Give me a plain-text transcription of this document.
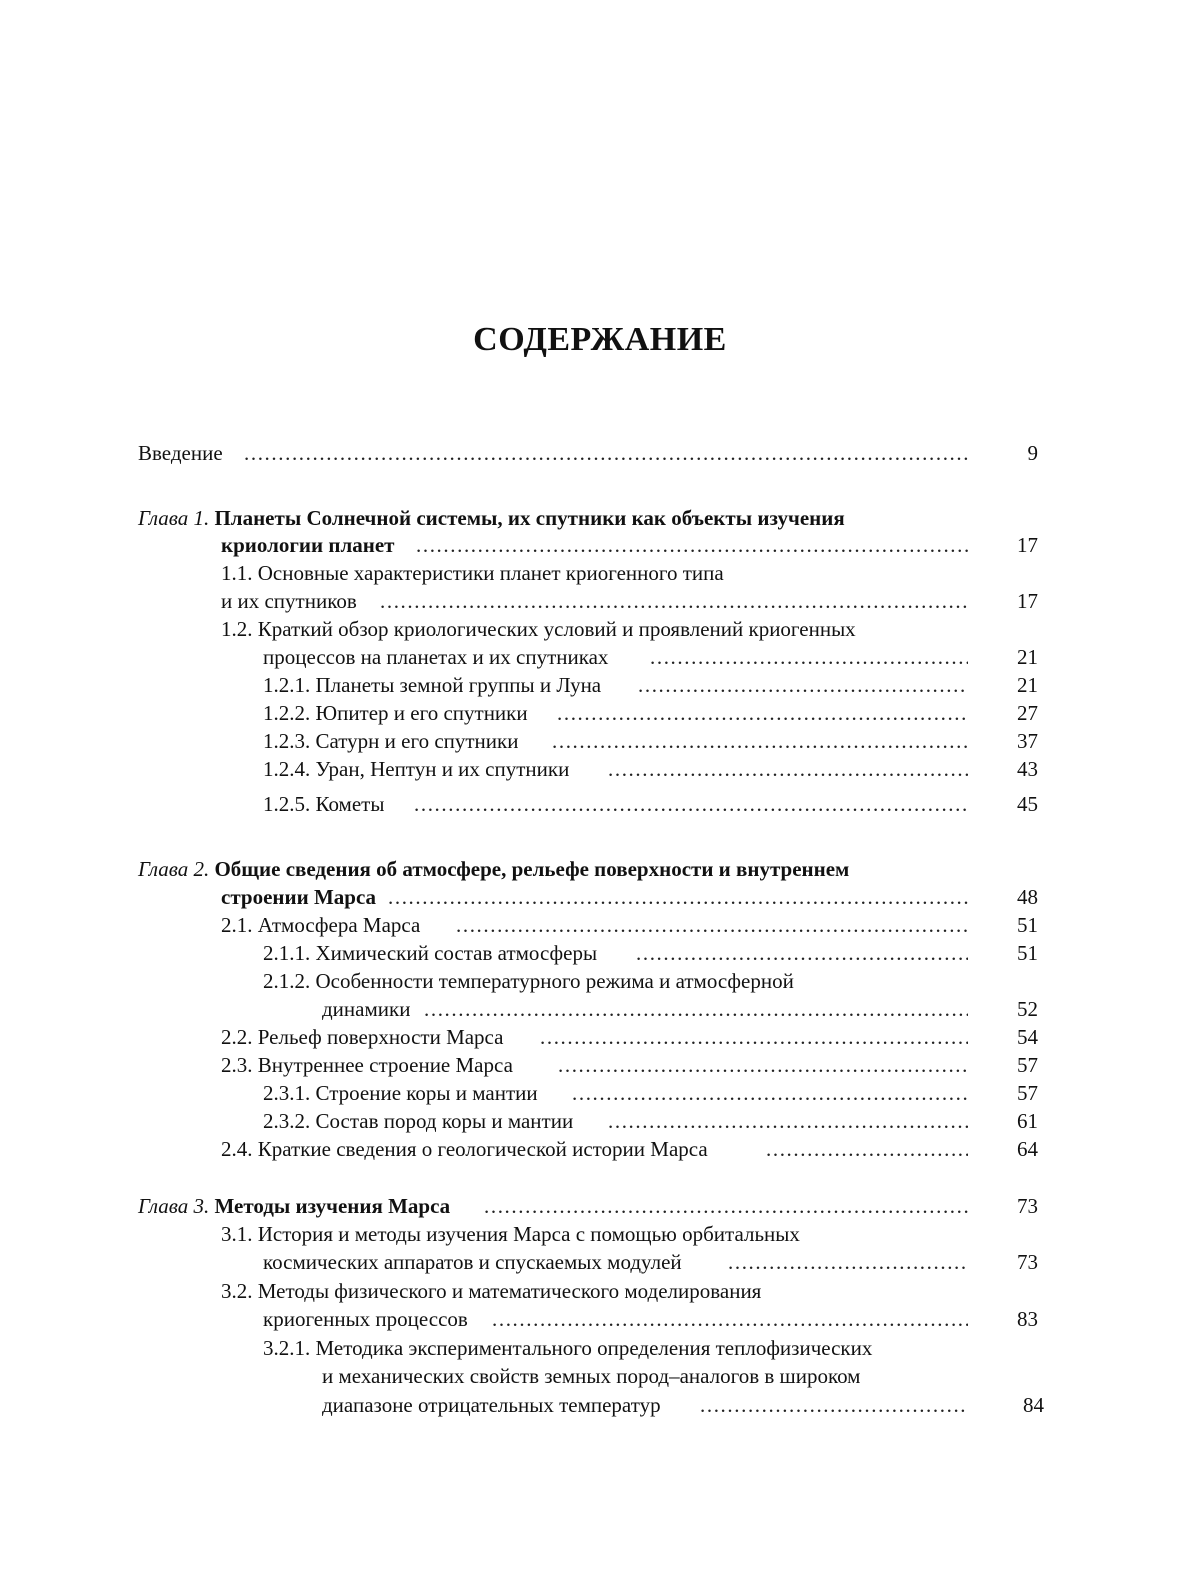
СОДЕРЖАНИЕ
Введение .....	9
Глава 1. Планеты Солнечной системы, их спутники как объекты изучения
криологии планет .....	17
1.1. Основные характеристики планет криогенного типа
и их спутников .....	17
1.2. Краткий обзор криологических условий и проявлений криогенных
процессов на планетах и их спутниках .....	21
1.2.1. Планеты земной группы и Луна .....	21
1.2.2. Юпитер и его спутники .....	27
1.2.3. Сатурн и его спутники .....	37
1.2.4. Уран, Нептун и их спутники .....	43
1.2.5. Кометы .....	45
Глава 2. Общие сведения об атмосфере, рельефе поверхности и внутреннем
строении Марса .....	48
2.1. Атмосфера Марса .....	51
2.1.1. Химический состав атмосферы .....	51
2.1.2. Особенности температурного режима и атмосферной
динамики .....	52
2.2. Рельеф поверхности Марса .....	54
2.3. Внутреннее строение Марса .....	57
2.3.1. Строение коры и мантии .....	57
2.3.2. Состав пород коры и мантии .....	61
2.4. Краткие сведения о геологической истории Марса .....	64
Глава 3. Методы изучения Марса .....	73
3.1. История и методы изучения Марса с помощью орбитальных
космических аппаратов и спускаемых модулей .....	73
3.2. Методы физического и математического моделирования
криогенных процессов .....	83
3.2.1. Методика экспериментального определения теплофизических
и механических свойств земных пород–аналогов в широком
диапазоне отрицательных температур .....	84
